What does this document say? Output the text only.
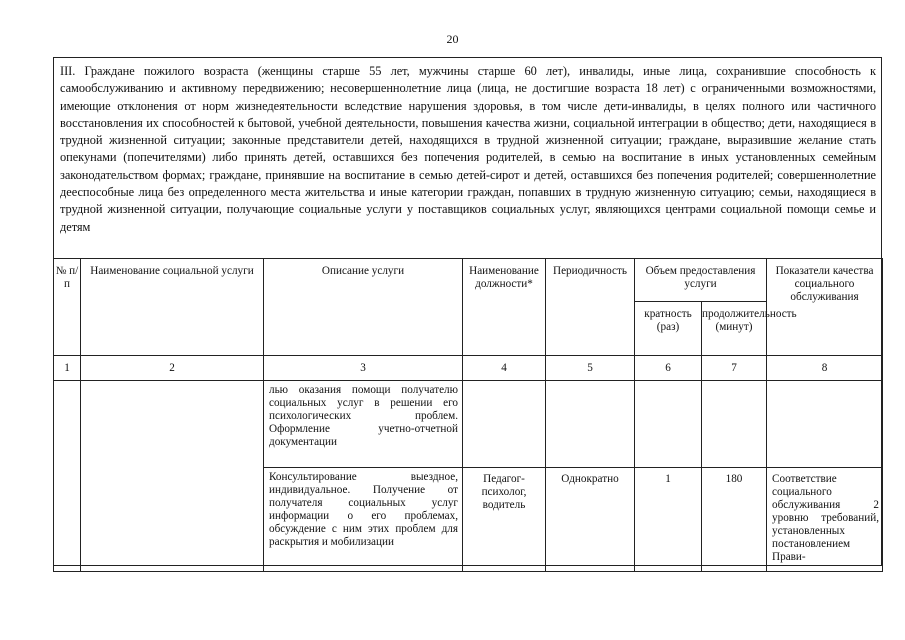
20
III. Граждане пожилого возраста (женщины старше 55 лет, мужчины старше 60 лет), инвалиды, иные лица, сохранившие способность к самообслуживанию и активному передвижению; несовершеннолетние лица (лица, не достигшие возраста 18 лет) с ограниченными возможностями, имеющие отклонения от норм жизнедеятельности вследствие нарушения здоровья, в том числе дети-инвалиды, в целях полного или частичного восстановления их способностей к бытовой, учебной деятельности, повышения качества жизни, социальной интеграции в общество; дети, находящиеся в трудной жизненной ситуации; законные представители детей, находящихся в трудной жизненной ситуации; граждане, выразившие желание стать опекунами (попечителями) либо принять детей, оставшихся без попечения родителей, в семью на воспитание в иных установленных семейным законодательством формах; граждане, принявшие на воспитание в семью детей-сирот и детей, оставшихся без попечения родителей; совершеннолетние дееспособные лица без определенного места жительства и иные категории граждан, попавших в трудную жизненную ситуацию; семьи, находящиеся в трудной жизненной ситуации, получающие социальные услуги у поставщиков социальных услуг, являющихся центрами социальной помощи семье и детям
№ п/п	Наименование социальной услуги	Описание услуги	Наименование должности*	Периодичность	Объем предоставления услуги		Показатели качества социального обслуживания
					кратность (раз)	продолжительность (минут)	
1	2	3	4	5	6	7	8
		лью оказания помощи получателю социальных услуг в решении его психологических проблем. Оформление учетно-отчетной документации					

		Консультирование выездное, индивидуальное. Получение от получателя социальных услуг информации о его проблемах, обсуждение с ним этих проблем для раскрытия и мобилизации	Педагог-психолог, водитель	Однократно	1	180	Соответствие социального обслуживания 2 уровню требований, установленных постановлением Прави-
